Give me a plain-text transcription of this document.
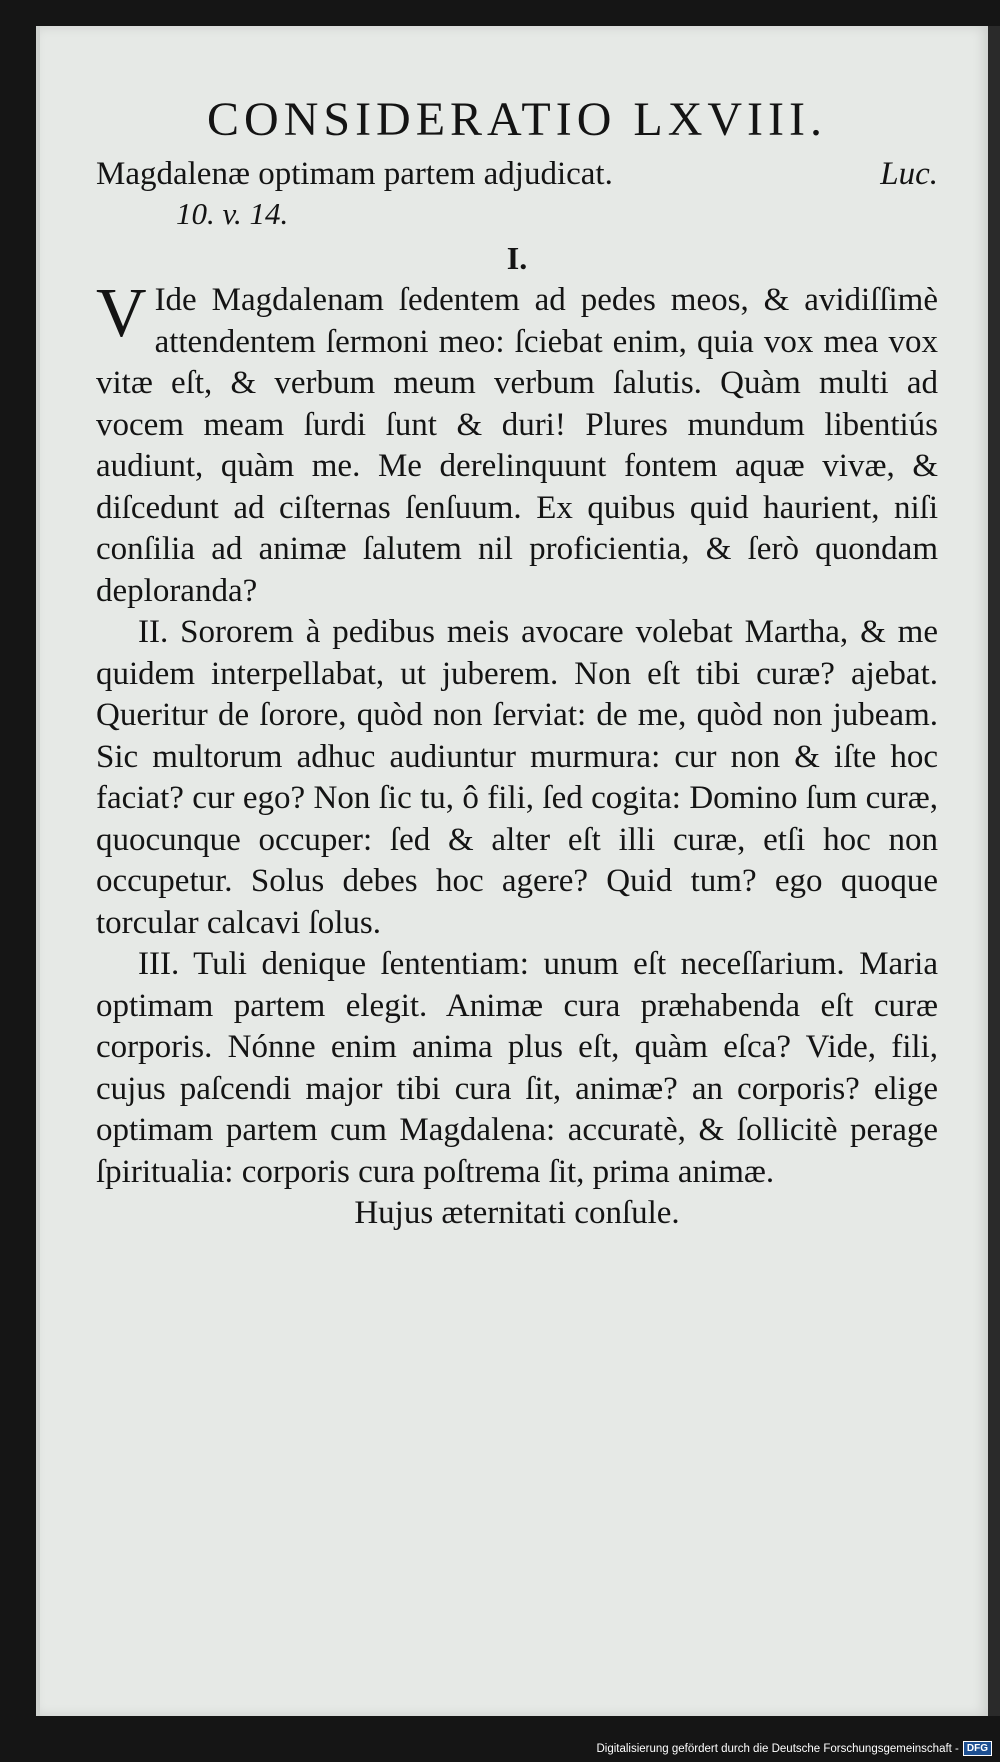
CONSIDERATIO LXVIII.
Magdalenæ optimam partem adjudicat.	Luc.
10. v. 14.
I.

V Ide Magdalenam ſedentem ad pedes meos, & avidiſſimè attendentem ſermoni meo: ſciebat enim, quia vox mea vox vitæ eſt, & verbum meum verbum ſalutis. Quàm multi ad vocem meam ſurdi ſunt & duri! Plures mundum libentiús audiunt, quàm me. Me derelinquunt fontem aquæ vivæ, & diſcedunt ad ciſternas ſenſuum. Ex quibus quid haurient, niſi conſilia ad animæ ſalutem nil proficientia, & ſerò quondam deploranda?

II. Sororem à pedibus meis avocare volebat Martha, & me quidem interpellabat, ut juberem. Non eſt tibi curæ? ajebat. Queritur de ſorore, quòd non ſerviat: de me, quòd non jubeam. Sic multorum adhuc audiuntur murmura: cur non & iſte hoc faciat? cur ego? Non ſic tu, ô fili, ſed cogita: Domino ſum curæ, quocunque occuper: ſed & alter eſt illi curæ, etſi hoc non occupetur. Solus debes hoc agere? Quid tum? ego quoque torcular calcavi ſolus.

III. Tuli denique ſententiam: unum eſt neceſſarium. Maria optimam partem elegit. Animæ cura præhabenda eſt curæ corporis. Nónne enim anima plus eſt, quàm eſca? Vide, fili, cujus paſcendi major tibi cura ſit, animæ? an corporis? elige optimam partem cum Magdalena: accuratè, & ſollicitè perage ſpiritualia: corporis cura poſtrema ſit, prima animæ.

Hujus æternitati conſule.
Digitalisierung gefördert durch die Deutsche Forschungsgemeinschaft - DFG
